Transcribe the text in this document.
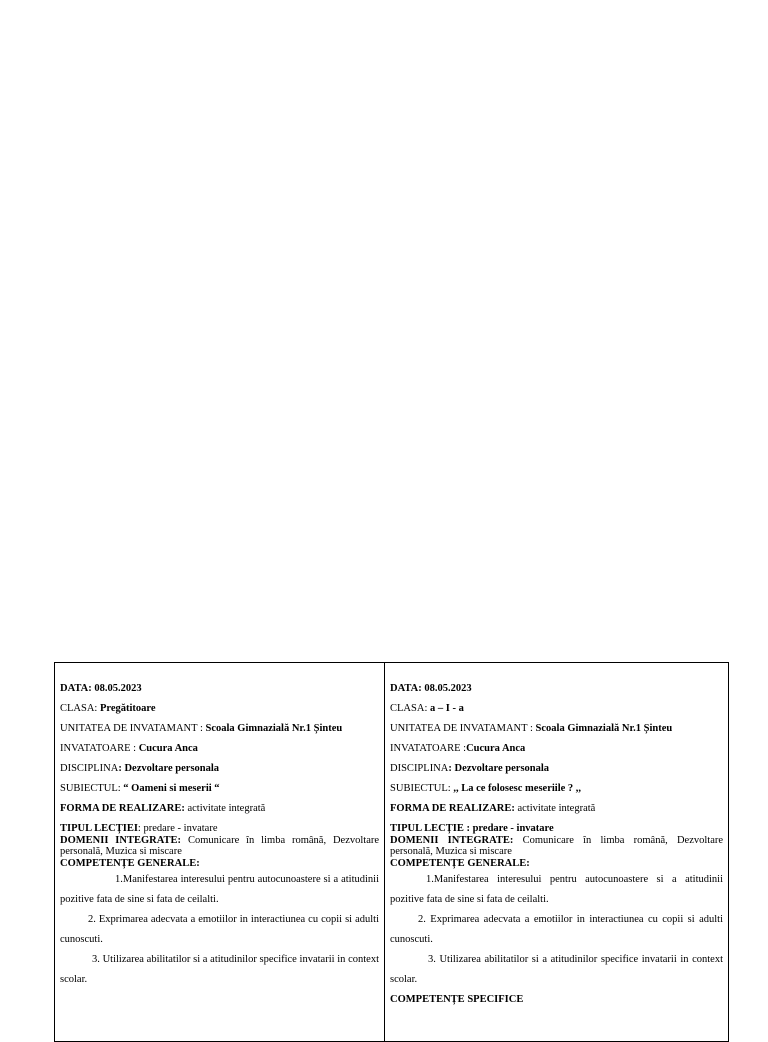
DATA: 08.05.2023
CLASA: Pregătitoare
UNITATEA DE INVATAMANT : Scoala Gimnazială Nr.1 Șinteu
INVATATOARE : Cucura Anca
DISCIPLINA: Dezvoltare personala
SUBIECTUL: “ Oameni si meserii “
FORMA DE REALIZARE: activitate integrată
TIPUL LECȚIEI: predare - invatare
DOMENII INTEGRATE: Comunicare în limba română, Dezvoltare personală, Muzica si miscare
COMPETENȚE GENERALE:
1.Manifestarea interesului pentru autocunoastere si a atitudinii pozitive fata de sine si fata de ceilalti.
2. Exprimarea adecvata a emotiilor in interactiunea cu copii si adulti cunoscuti.
3. Utilizarea abilitatilor si a atitudinilor specifice invatarii in context scolar.
DATA: 08.05.2023
CLASA: a – I - a
UNITATEA DE INVATAMANT : Scoala Gimnazială Nr.1 Șinteu
INVATATOARE :Cucura Anca
DISCIPLINA: Dezvoltare personala
SUBIECTUL: ,, La ce folosesc meseriile ? ,,
FORMA DE REALIZARE: activitate integrată
TIPUL LECȚIE : predare - invatare
DOMENII INTEGRATE: Comunicare în limba română, Dezvoltare personală, Muzica si miscare
COMPETENȚE GENERALE:
1.Manifestarea interesului pentru autocunoastere si a atitudinii pozitive fata de sine si fata de ceilalti.
2. Exprimarea adecvata a emotiilor in interactiunea cu copii si adulti cunoscuti.
3. Utilizarea abilitatilor si a atitudinilor specifice invatarii in context scolar.
COMPETENȚE SPECIFICE
